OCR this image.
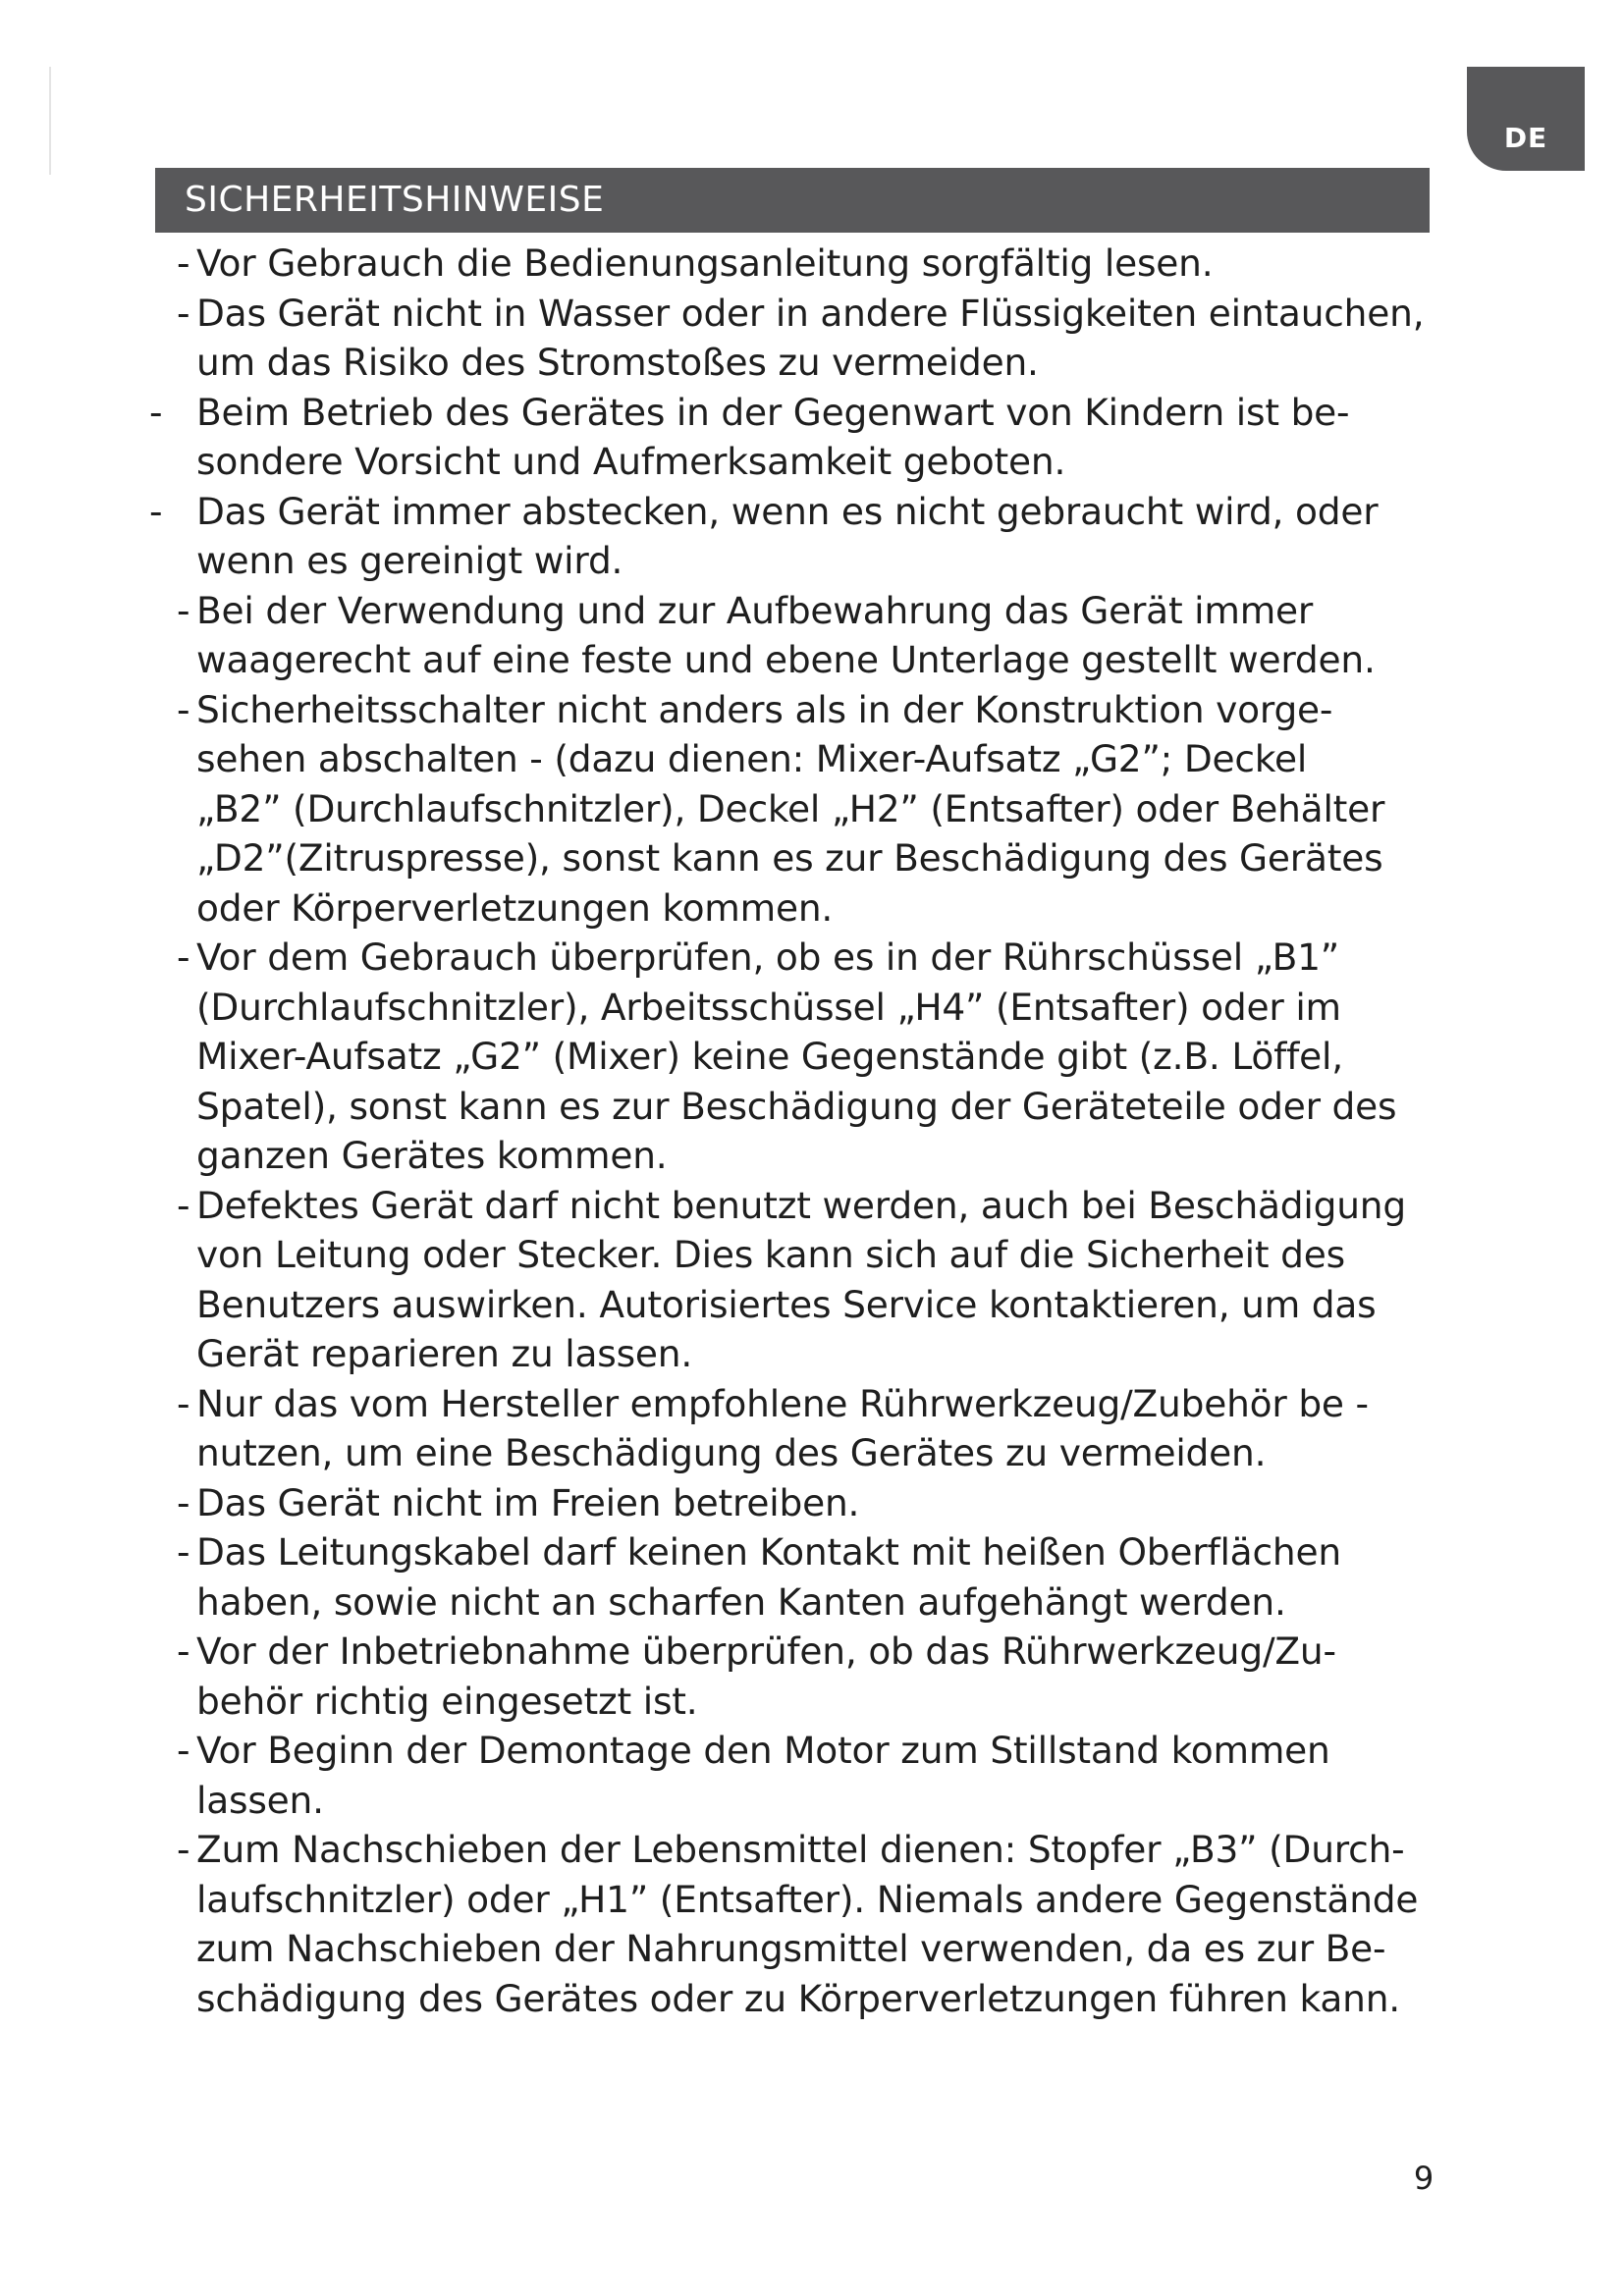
DE
SICHERHEITSHINWEISE
- Vor Gebrauch die Bedienungsanleitung sorgfältig lesen.
- Das Gerät nicht in Wasser oder in andere Flüssigkeiten eintauchen,
um das Risiko des Stromstoßes zu vermeiden.
- Beim Betrieb des Gerätes in der Gegenwart von Kindern ist be-
sondere Vorsicht und Aufmerksamkeit geboten.
- Das Gerät immer abstecken, wenn es nicht gebraucht wird, oder
wenn es gereinigt wird.
- Bei der Verwendung und zur Aufbewahrung das Gerät immer
waagerecht auf eine feste und ebene Unterlage gestellt werden.
- Sicherheitsschalter nicht anders als in der Konstruktion vorge-
sehen abschalten - (dazu dienen: Mixer-Aufsatz „G2”; Deckel
„B2” (Durchlaufschnitzler), Deckel „H2” (Entsafter) oder Behälter
„D2”(Zitruspresse), sonst kann es zur Beschädigung des Gerätes
oder Körperverletzungen kommen.
- Vor dem Gebrauch überprüfen, ob es in der Rührschüssel „B1”
(Durchlaufschnitzler), Arbeitsschüssel „H4” (Entsafter) oder im
Mixer-Aufsatz „G2” (Mixer) keine Gegenstände gibt (z.B. Löffel,
Spatel), sonst kann es zur Beschädigung der Geräteteile oder des
ganzen Gerätes kommen.
- Defektes Gerät darf nicht benutzt werden, auch bei Beschädigung
von Leitung oder Stecker. Dies kann sich auf die Sicherheit des
Benutzers auswirken. Autorisiertes Service kontaktieren, um das
Gerät reparieren zu lassen.
- Nur das vom Hersteller empfohlene Rührwerkzeug/Zubehör be -
nutzen, um eine Beschädigung des Gerätes zu vermeiden.
- Das Gerät nicht im Freien betreiben.
- Das Leitungskabel darf keinen Kontakt mit heißen Oberflächen
haben, sowie nicht an scharfen Kanten aufgehängt werden.
- Vor der Inbetriebnahme überprüfen, ob das Rührwerkzeug/Zu-
behör richtig eingesetzt ist.
- Vor Beginn der Demontage den Motor zum Stillstand kommen
lassen.
- Zum Nachschieben der Lebensmittel dienen: Stopfer „B3” (Durch-
laufschnitzler) oder „H1” (Entsafter). Niemals andere Gegenstände
zum Nachschieben der Nahrungsmittel verwenden, da es zur Be-
schädigung des Gerätes oder zu Körperverletzungen führen kann.
9
